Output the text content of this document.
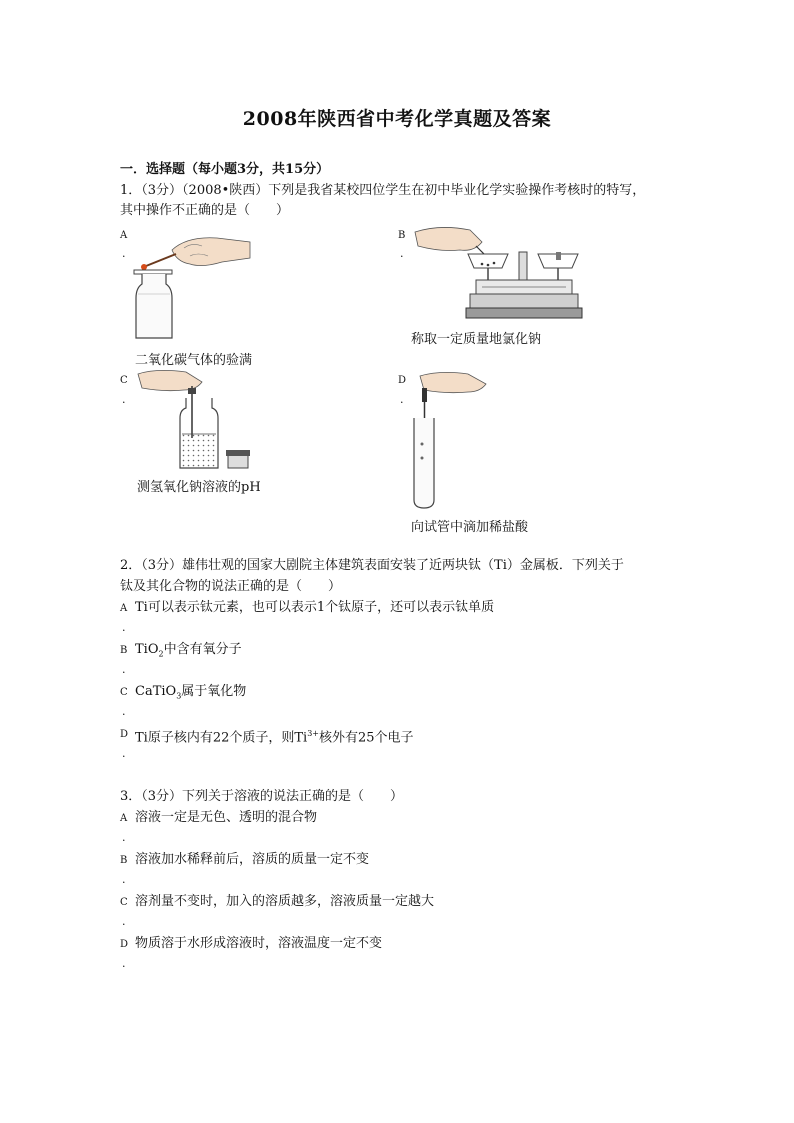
2008年陕西省中考化学真题及答案
一．选择题（每小题3分，共15分）
1．（3分）（2008•陕西）下列是我省某校四位学生在初中毕业化学实验操作考核时的特写，
其中操作不正确的是（　　）
A
.
二氧化碳气体的验满
B
.
称取一定质量地氯化钠
C
.
测氢氧化钠溶液的pH
D
.
向试管中滴加稀盐酸
2．（3分）雄伟壮观的国家大剧院主体建筑表面安装了近两块钛（Ti）金属板．下列关于
钛及其化合物的说法正确的是（　　）
A Ti可以表示钛元素，也可以表示1个钛原子，还可以表示钛单质
.
B TiO$_2$中含有氧分子
.
C CaTiO$_3$属于氧化物
.
D Ti原子核内有22个质子，则$Ti^{3+}$核外有25个电子
.
3．（3分）下列关于溶液的说法正确的是（　　）
A 溶液一定是无色、透明的混合物
.
B 溶液加水稀释前后，溶质的质量一定不变
.
C 溶剂量不变时，加入的溶质越多，溶液质量一定越大
.
D 物质溶于水形成溶液时，溶液温度一定不变
.
